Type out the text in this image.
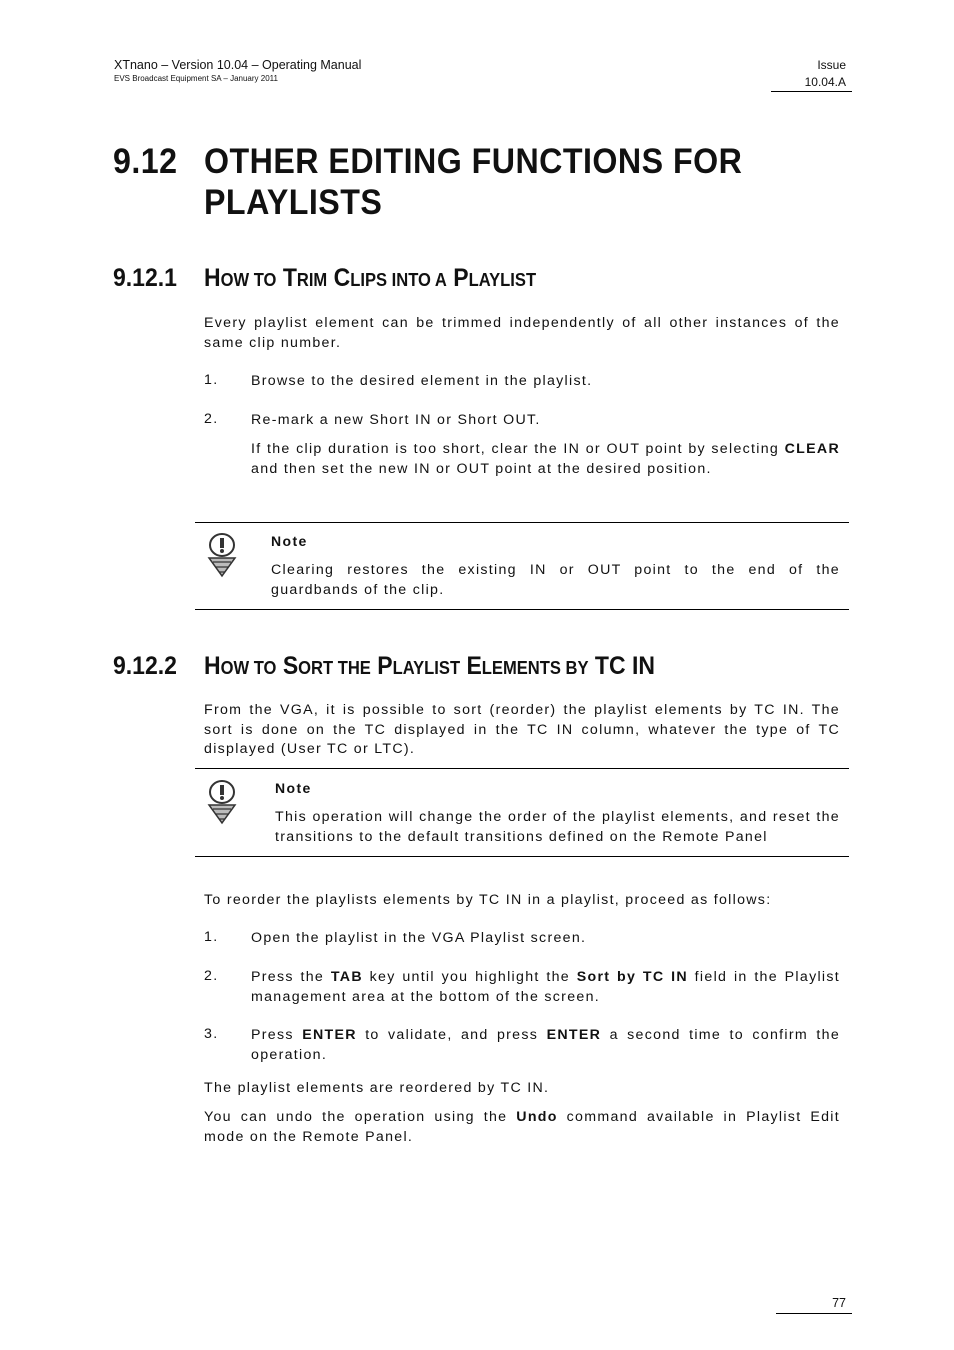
XTnano – Version 10.04 – Operating Manual
EVS Broadcast Equipment SA – January 2011
Issue
10.04.A
9.12 OTHER EDITING FUNCTIONS FOR
PLAYLISTS
9.12.1 HOW TO TRIM CLIPS INTO A PLAYLIST
Every playlist element can be trimmed independently of all other instances of the same clip number.
1. Browse to the desired element in the playlist.
2. Re-mark a new Short IN or Short OUT.
If the clip duration is too short, clear the IN or OUT point by selecting CLEAR and then set the new IN or OUT point at the desired position.
Note
Clearing restores the existing IN or OUT point to the end of the guardbands of the clip.
9.12.2 HOW TO SORT THE PLAYLIST ELEMENTS BY TC IN
From the VGA, it is possible to sort (reorder) the playlist elements by TC IN. The sort is done on the TC displayed in the TC IN column, whatever the type of TC displayed (User TC or LTC).
Note
This operation will change the order of the playlist elements, and reset the transitions to the default transitions defined on the Remote Panel
To reorder the playlists elements by TC IN in a playlist, proceed as follows:
1. Open the playlist in the VGA Playlist screen.
2. Press the TAB key until you highlight the Sort by TC IN field in the Playlist management area at the bottom of the screen.
3. Press ENTER to validate, and press ENTER a second time to confirm the operation.
The playlist elements are reordered by TC IN.
You can undo the operation using the Undo command available in Playlist Edit mode on the Remote Panel.
77
